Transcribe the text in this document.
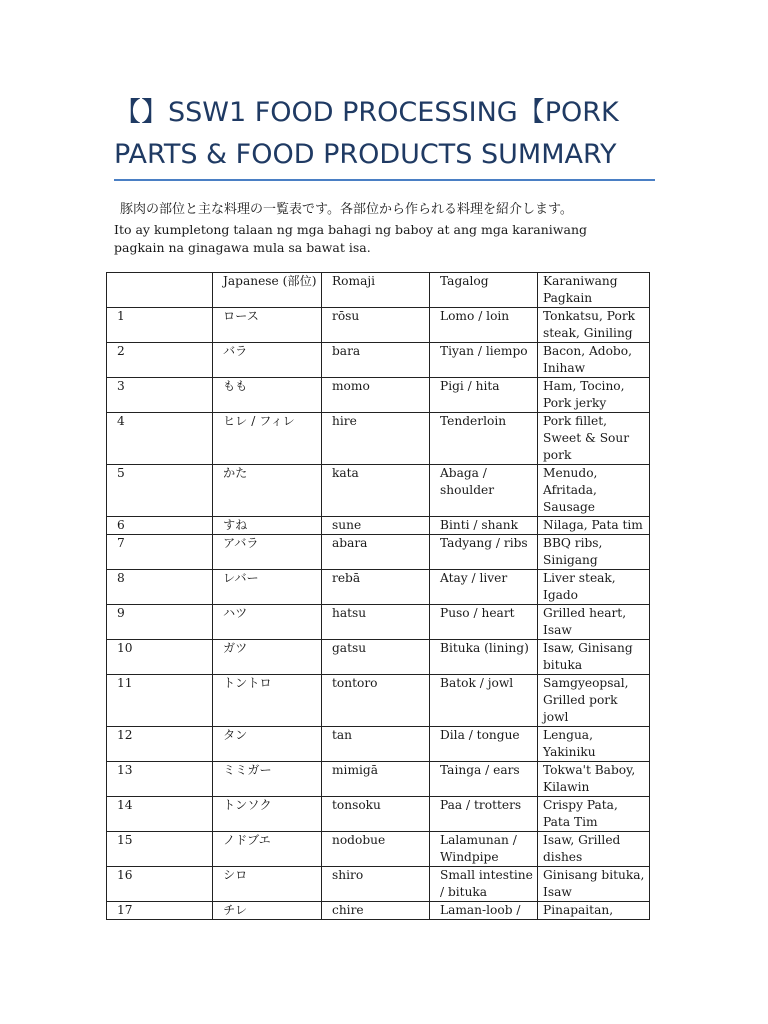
【】SSW1 FOOD PROCESSING【PORK
PARTS & FOOD PRODUCTS SUMMARY
豚肉の部位と主な料理の一覧表です。各部位から作られる料理を紹介します。
Ito ay kumpletong talaan ng mga bahagi ng baboy at ang mga karaniwang pagkain na ginagawa mula sa bawat isa.
	Japanese (部位)	Romaji	Tagalog	Karaniwang Pagkain
1	ロース	rōsu	Lomo / loin	Tonkatsu, Pork steak, Giniling
2	バラ	bara	Tiyan / liempo	Bacon, Adobo, Inihaw
3	もも	momo	Pigi / hita	Ham, Tocino, Pork jerky
4	ヒレ / フィレ	hire	Tenderloin	Pork fillet, Sweet & Sour pork
5	かた	kata	Abaga / shoulder	Menudo, Afritada, Sausage
6	すね	sune	Binti / shank	Nilaga, Pata tim
7	アバラ	abara	Tadyang / ribs	BBQ ribs, Sinigang
8	レバー	rebā	Atay / liver	Liver steak, Igado
9	ハツ	hatsu	Puso / heart	Grilled heart, Isaw
10	ガツ	gatsu	Bituka (lining)	Isaw, Ginisang bituka
11	トントロ	tontoro	Batok / jowl	Samgyeopsal, Grilled pork jowl
12	タン	tan	Dila / tongue	Lengua, Yakiniku
13	ミミガー	mimigā	Tainga / ears	Tokwa't Baboy, Kilawin
14	トンソク	tonsoku	Paa / trotters	Crispy Pata, Pata Tim
15	ノドブエ	nodobue	Lalamunan / Windpipe	Isaw, Grilled dishes
16	シロ	shiro	Small intestine / bituka	Ginisang bituka, Isaw
17	チレ	chire	Laman-loob /	Pinapaitan,
